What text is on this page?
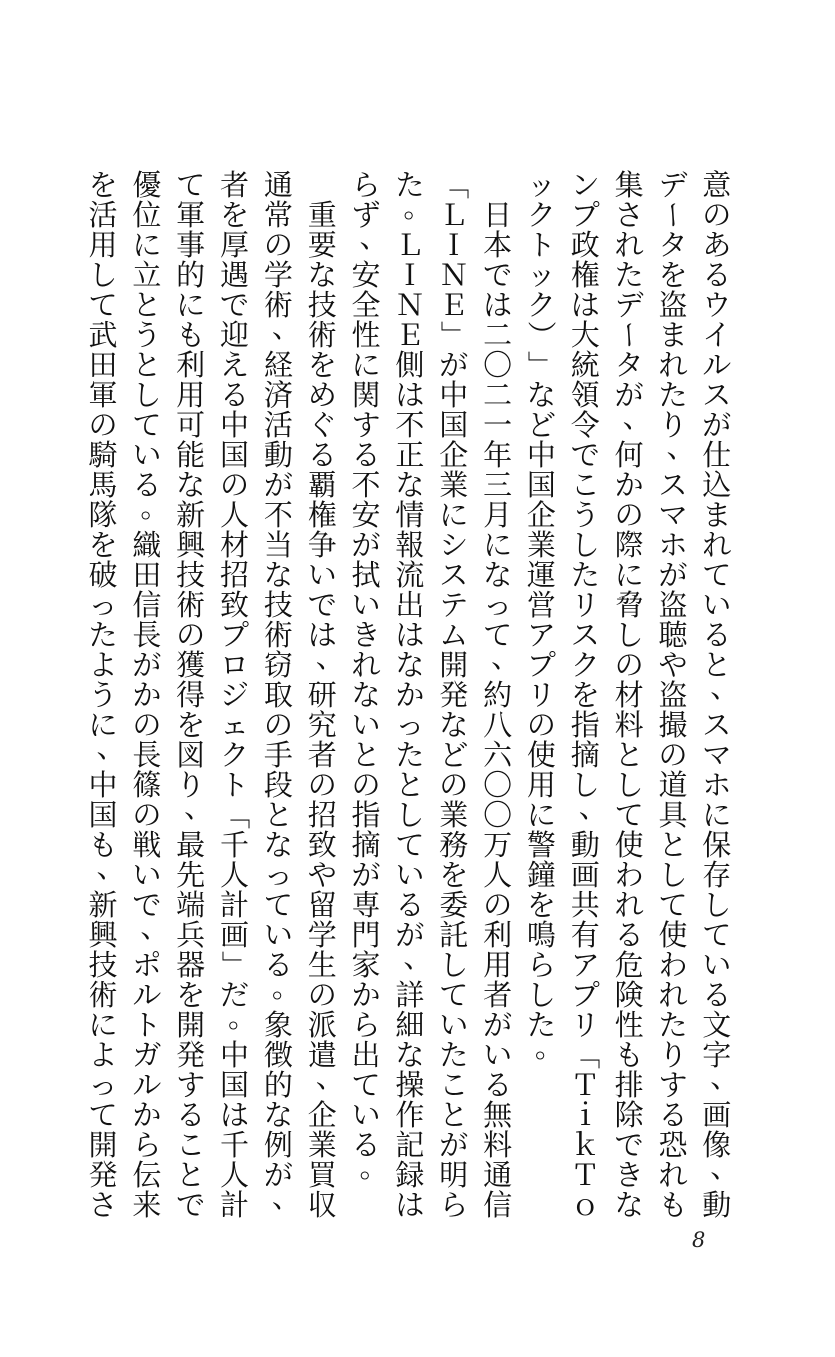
意
の
あ
る
ウ
イ
ル
ス
が
仕
込
ま
れ
て
い
る
と
、
ス
マ
ホ
に
保
存
し
て
い
る
文
字
、
画
像
、
動
デ
ー
タ
を
盗
ま
れ
た
り
、
ス
マ
ホ
が
盗
聴
や
盗
撮
の
道
具
と
し
て
使
わ
れ
た
り
す
る
恐
れ
も
集
さ
れ
た
デ
ー
タ
が
、
何
か
の
際
に
脅
し
の
材
料
と
し
て
使
わ
れ
る
危
険
性
も
排
除
で
き
な
ン
プ
政
権
は
大
統
領
令
で
こ
う
し
た
リ
ス
ク
を
指
摘
し
、
動
画
共
有
ア
プ
リ
「
Ｔ
ｉ
ｋ
Ｔ
ｏ
ッ
ク
ト
ッ
ク
）
」
な
ど
中
国
企
業
運
営
ア
プ
リ
の
使
用
に
警
鐘
を
鳴
ら
し
た
。

日
本
で
は
二
〇
二
一
年
三
月
に
な
っ
て
、
約
八
六
〇
〇
万
人
の
利
用
者
が
い
る
無
料
通
信
「
Ｌ
Ｉ
Ｎ
Ｅ
」
が
中
国
企
業
に
シ
ス
テ
ム
開
発
な
ど
の
業
務
を
委
託
し
て
い
た
こ
と
が
明
ら
た
。
Ｌ
Ｉ
Ｎ
Ｅ
側
は
不
正
な
情
報
流
出
は
な
か
っ
た
と
し
て
い
る
が
、
詳
細
な
操
作
記
録
は
ら
ず
、
安
全
性
に
関
す
る
不
安
が
拭
い
き
れ
な
い
と
の
指
摘
が
専
門
家
か
ら
出
て
い
る
。

重
要
な
技
術
を
め
ぐ
る
覇
権
争
い
で
は
、
研
究
者
の
招
致
や
留
学
生
の
派
遣
、
企
業
買
収
通
常
の
学
術
、
経
済
活
動
が
不
当
な
技
術
窃
取
の
手
段
と
な
っ
て
い
る
。
象
徴
的
な
例
が
、
者
を
厚
遇
で
迎
え
る
中
国
の
人
材
招
致
プ
ロ
ジ
ェ
ク
ト
「
千
人
計
画
」
だ
。
中
国
は
千
人
計
て
軍
事
的
に
も
利
用
可
能
な
新
興
技
術
の
獲
得
を
図
り
、
最
先
端
兵
器
を
開
発
す
る
こ
と
で
優
位
に
立
と
う
と
し
て
い
る
。
織
田
信
長
が
か
の
長
篠
の
戦
い
で
、
ポ
ル
ト
ガ
ル
か
ら
伝
来
を
活
用
し
て
武
田
軍
の
騎
馬
隊
を
破
っ
た
よ
う
に
、
中
国
も
、
新
興
技
術
に
よ
っ
て
開
発
さ
8
